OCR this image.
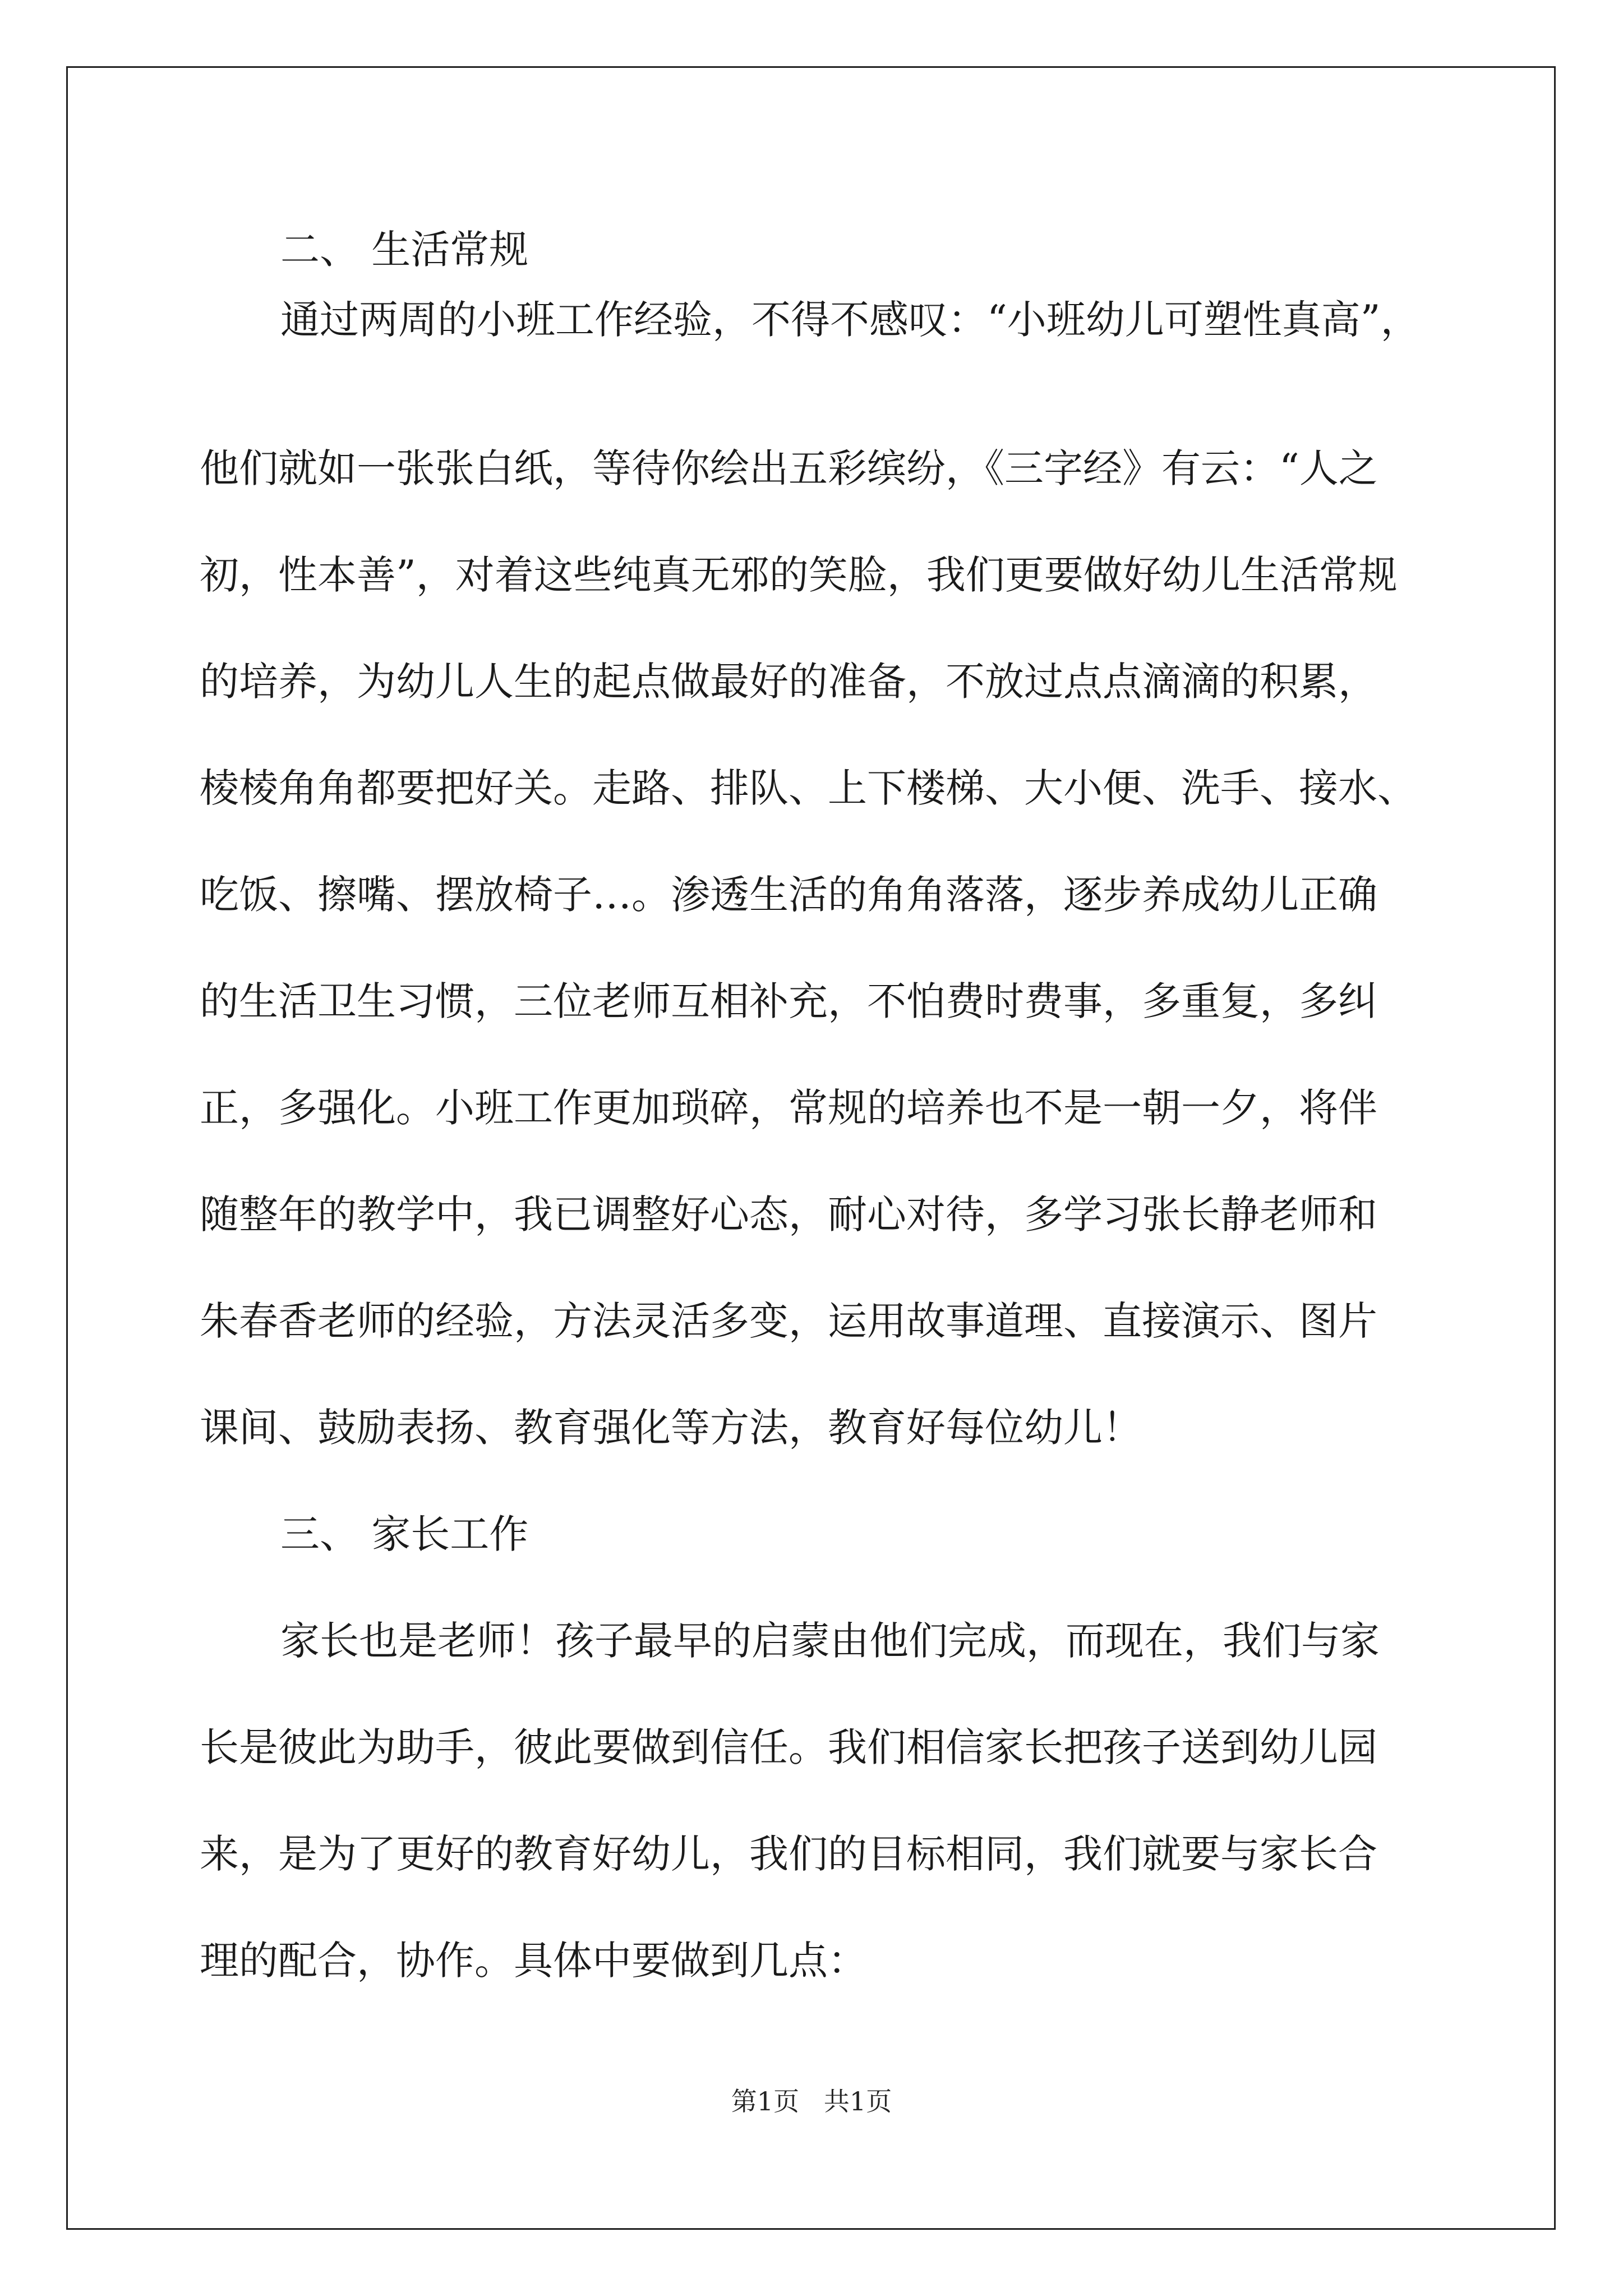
二、 生活常规
通过两周的小班工作经验，不得不感叹：“小班幼儿可塑性真高”，
他们就如一张张白纸，等待你绘出五彩缤纷，《三字经》有云：“人之
初，性本善”，对着这些纯真无邪的笑脸，我们更要做好幼儿生活常规
的培养，为幼儿人生的起点做最好的准备，不放过点点滴滴的积累，
棱棱角角都要把好关。走路、排队、上下楼梯、大小便、洗手、接水、
吃饭、擦嘴、摆放椅子…。渗透生活的角角落落，逐步养成幼儿正确
的生活卫生习惯，三位老师互相补充，不怕费时费事，多重复，多纠
正，多强化。小班工作更加琐碎，常规的培养也不是一朝一夕，将伴
随整年的教学中，我已调整好心态，耐心对待，多学习张长静老师和
朱春香老师的经验，方法灵活多变，运用故事道理、直接演示、图片
课间、鼓励表扬、教育强化等方法，教育好每位幼儿！
三、 家长工作
家长也是老师！孩子最早的启蒙由他们完成，而现在，我们与家
长是彼此为助手，彼此要做到信任。我们相信家长把孩子送到幼儿园
来，是为了更好的教育好幼儿，我们的目标相同，我们就要与家长合
理的配合，协作。具体中要做到几点：
第1页   共1页
